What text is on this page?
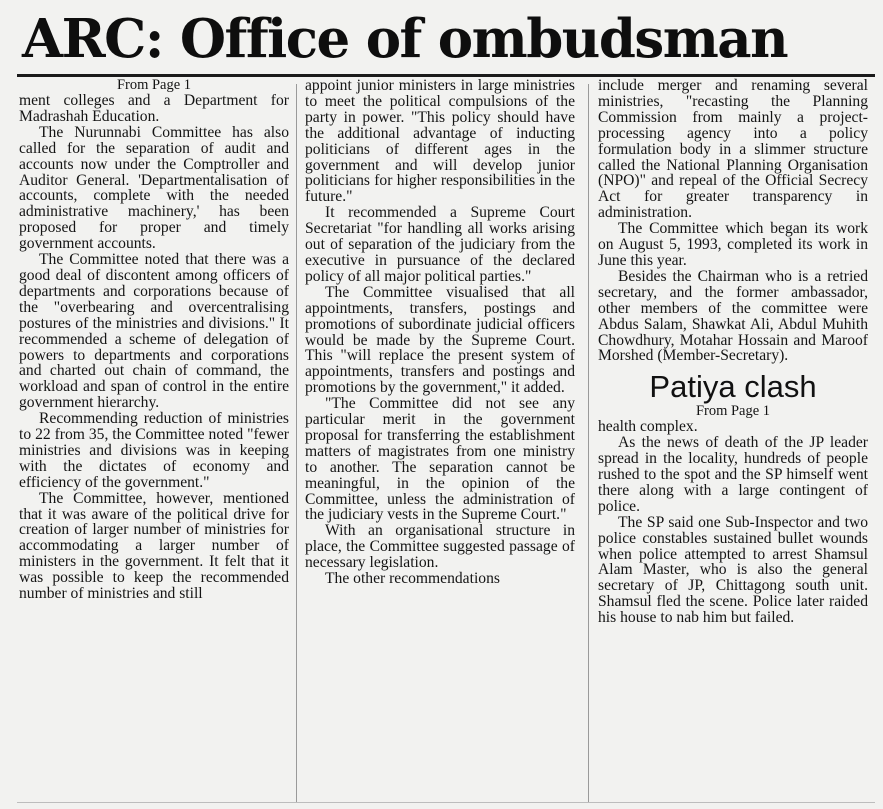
ARC: Office of ombudsman

From Page 1

ment colleges and a Department for Madrashah Education.

The Nurunnabi Committee has also called for the separation of audit and accounts now under the Comptroller and Auditor General. 'Departmentalisation of accounts, complete with the needed administrative machinery,' has been proposed for proper and timely government accounts.

The Committee noted that there was a good deal of discontent among officers of departments and corporations because of the "overbearing and overcentralising postures of the ministries and divisions." It recommended a scheme of delegation of powers to departments and corporations and charted out chain of command, the workload and span of control in the entire government hierarchy.

Recommending reduction of ministries to 22 from 35, the Committee noted "fewer ministries and divisions was in keeping with the dictates of economy and efficiency of the government."

The Committee, however, mentioned that it was aware of the political drive for creation of larger number of ministries for accommodating a larger number of ministers in the government. It felt that it was possible to keep the recommended number of ministries and still

appoint junior ministers in large ministries to meet the political compulsions of the party in power. "This policy should have the additional advantage of inducting politicians of different ages in the government and will develop junior politicians for higher responsibilities in the future."

It recommended a Supreme Court Secretariat "for handling all works arising out of separation of the judiciary from the executive in pursuance of the declared policy of all major political parties."

The Committee visualised that all appointments, transfers, postings and promotions of subordinate judicial officers would be made by the Supreme Court. This "will replace the present system of appointments, transfers and postings and promotions by the government," it added.

"The Committee did not see any particular merit in the government proposal for transferring the establishment matters of magistrates from one ministry to another. The separation cannot be meaningful, in the opinion of the Committee, unless the administration of the judiciary vests in the Supreme Court."

With an organisational structure in place, the Committee suggested passage of necessary legislation.

The other recommendations

include merger and renaming several ministries, "recasting the Planning Commission from mainly a project-processing agency into a policy formulation body in a slimmer structure called the National Planning Organisation (NPO)" and repeal of the Official Secrecy Act for greater transparency in administration.

The Committee which began its work on August 5, 1993, completed its work in June this year.

Besides the Chairman who is a retried secretary, and the former ambassador, other members of the committee were Abdus Salam, Shawkat Ali, Abdul Muhith Chowdhury, Motahar Hossain and Maroof Morshed (Member-Secretary).

Patiya clash

From Page 1

health complex.

As the news of death of the JP leader spread in the locality, hundreds of people rushed to the spot and the SP himself went there along with a large contingent of police.

The SP said one Sub-Inspector and two police constables sustained bullet wounds when police attempted to arrest Shamsul Alam Master, who is also the general secretary of JP, Chittagong south unit. Shamsul fled the scene. Police later raided his house to nab him but failed.
